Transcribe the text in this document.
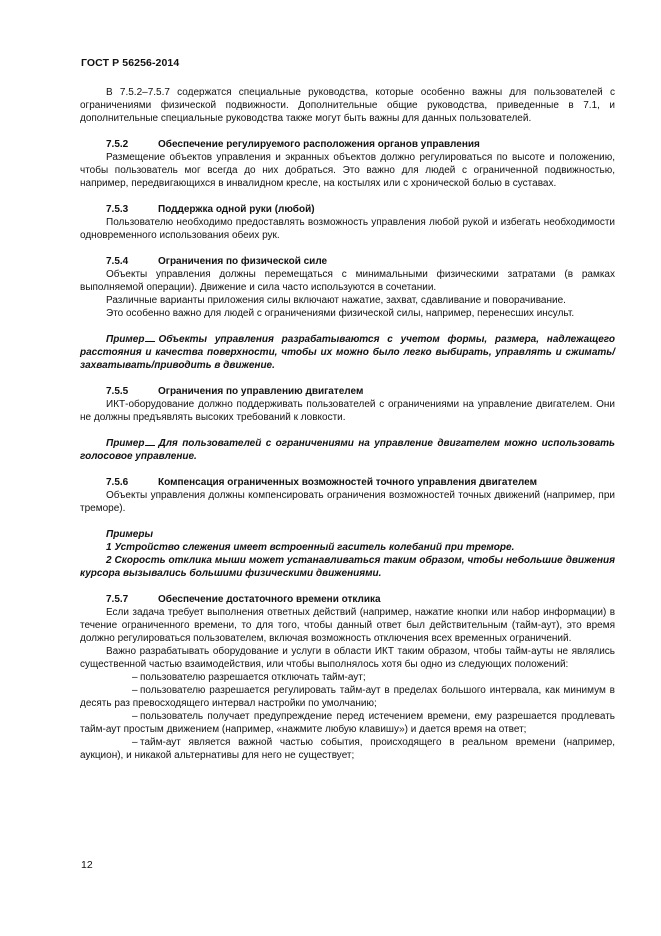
ГОСТ Р 56256-2014

В 7.5.2–7.5.7 содержатся специальные руководства, которые особенно важны для пользователей с ограничениями физической подвижности. Дополнительные общие руководства, приведенные в 7.1, и дополнительные специальные руководства также могут быть важны для данных пользователей.

7.5.2	Обеспечение регулируемого расположения органов управления

Размещение объектов управления и экранных объектов должно регулироваться по высоте и положению, чтобы пользователь мог всегда до них добраться. Это важно для людей с ограниченной подвижностью, например, передвигающихся в инвалидном кресле, на костылях или с хронической болью в суставах.

7.5.3	Поддержка одной руки (любой)

Пользователю необходимо предоставлять возможность управления любой рукой и избегать необходимости одновременного использования обеих рук.

7.5.4	Ограничения по физической силе

Объекты управления должны перемещаться с минимальными физическими затратами (в рамках выполняемой операции). Движение и сила часто используются в сочетании.

Различные варианты приложения силы включают нажатие, захват, сдавливание и поворачивание.

Это особенно важно для людей с ограничениями физической силы, например, перенесших инсульт.

Пример Объекты управления разрабатываются с учетом формы, размера, надлежащего расстояния и качества поверхности, чтобы их можно было легко выбирать, управлять и сжимать/захватывать/приводить в движение.

7.5.5	Ограничения по управлению двигателем

ИКТ-оборудование должно поддерживать пользователей с ограничениями на управление двигателем. Они не должны предъявлять высоких требований к ловкости.

Пример Для пользователей с ограничениями на управление двигателем можно использовать голосовое управление.

7.5.6	Компенсация ограниченных возможностей точного управления двигателем

Объекты управления должны компенсировать ограничения возможностей точных движений (например, при треморе).

Примеры

1 Устройство слежения имеет встроенный гаситель колебаний при треморе.

2 Скорость отклика мыши может устанавливаться таким образом, чтобы небольшие движения курсора вызывались большими физическими движениями.

7.5.7	Обеспечение достаточного времени отклика

Если задача требует выполнения ответных действий (например, нажатие кнопки или набор информации) в течение ограниченного времени, то для того, чтобы данный ответ был действительным (тайм-аут), это время должно регулироваться пользователем, включая возможность отключения всех временных ограничений.

Важно разрабатывать оборудование и услуги в области ИКТ таким образом, чтобы тайм-ауты не являлись существенной частью взаимодействия, или чтобы выполнялось хотя бы одно из следующих положений:

– пользователю разрешается отключать тайм-аут;

– пользователю разрешается регулировать тайм-аут в пределах большого интервала, как минимум в десять раз превосходящего интервал настройки по умолчанию;

– пользователь получает предупреждение перед истечением времени, ему разрешается продлевать тайм-аут простым движением (например, «нажмите любую клавишу») и дается время на ответ;

– тайм-аут является важной частью события, происходящего в реальном времени (например, аукцион), и никакой альтернативы для него не существует;

12
